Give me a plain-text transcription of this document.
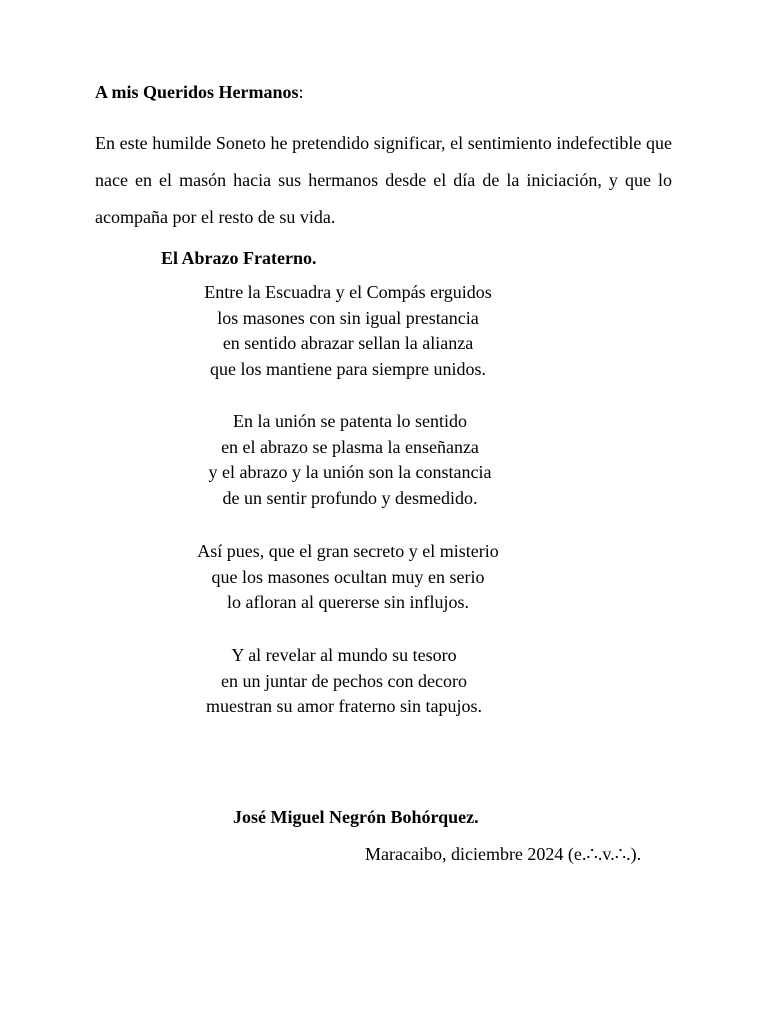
A mis Queridos Hermanos:

En este humilde Soneto he pretendido significar, el sentimiento indefectible que nace en el masón hacia sus hermanos desde el día de la iniciación, y que lo acompaña por el resto de su vida.

El Abrazo Fraterno.
Entre la Escuadra y el Compás erguidos
los masones con sin igual prestancia
en sentido abrazar sellan la alianza
que los mantiene para siempre unidos.
En la unión se patenta lo sentido
en el abrazo se plasma la enseñanza
y el abrazo y la unión son la constancia
de un sentir profundo y desmedido.
Así pues, que el gran secreto y el misterio
que los masones ocultan muy en serio
lo afloran al quererse sin influjos.
Y al revelar al mundo su tesoro
en un juntar de pechos con decoro
muestran su amor fraterno sin tapujos.
José Miguel Negrón Bohórquez.
Maracaibo, diciembre 2024 (e.∴.v.∴.).
